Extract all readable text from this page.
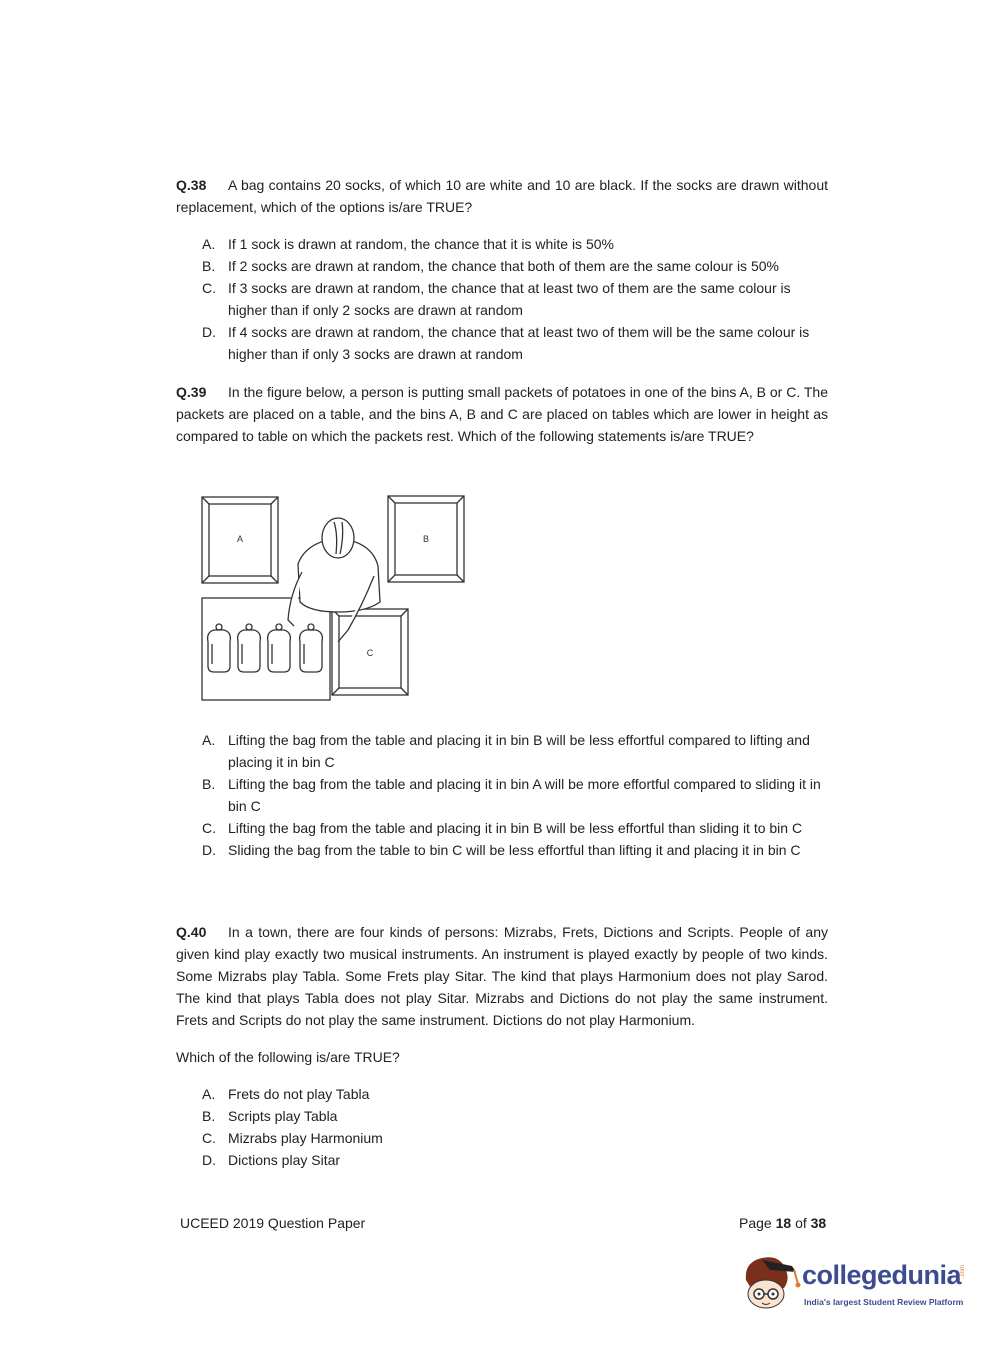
Q.38 A bag contains 20 socks, of which 10 are white and 10 are black. If the socks are drawn without replacement, which of the options is/are TRUE?
A. If 1 sock is drawn at random, the chance that it is white is 50%
B. If 2 socks are drawn at random, the chance that both of them are the same colour is 50%
C. If 3 socks are drawn at random, the chance that at least two of them are the same colour is higher than if only 2 socks are drawn at random
D. If 4 socks are drawn at random, the chance that at least two of them will be the same colour is higher than if only 3 socks are drawn at random
Q.39 In the figure below, a person is putting small packets of potatoes in one of the bins A, B or C. The packets are placed on a table, and the bins A, B and C are placed on tables which are lower in height as compared to table on which the packets rest. Which of the following statements is/are TRUE?
A	B
C
A. Lifting the bag from the table and placing it in bin B will be less effortful compared to lifting and placing it in bin C
B. Lifting the bag from the table and placing it in bin A will be more effortful compared to sliding it in bin C
C. Lifting the bag from the table and placing it in bin B will be less effortful than sliding it to bin C
D. Sliding the bag from the table to bin C will be less effortful than lifting it and placing it in bin C
Q.40 In a town, there are four kinds of persons: Mizrabs, Frets, Dictions and Scripts. People of any given kind play exactly two musical instruments. An instrument is played exactly by people of two kinds. Some Mizrabs play Tabla. Some Frets play Sitar. The kind that plays Harmonium does not play Sarod. The kind that plays Tabla does not play Sitar. Mizrabs and Dictions do not play the same instrument. Frets and Scripts do not play the same instrument. Dictions do not play Harmonium.
Which of the following is/are TRUE?
A. Frets do not play Tabla
B. Scripts play Tabla
C. Mizrabs play Harmonium
D. Dictions play Sitar
UCEED 2019 Question Paper	Page 18 of 38
collegedunia
.com
India's largest Student Review Platform
